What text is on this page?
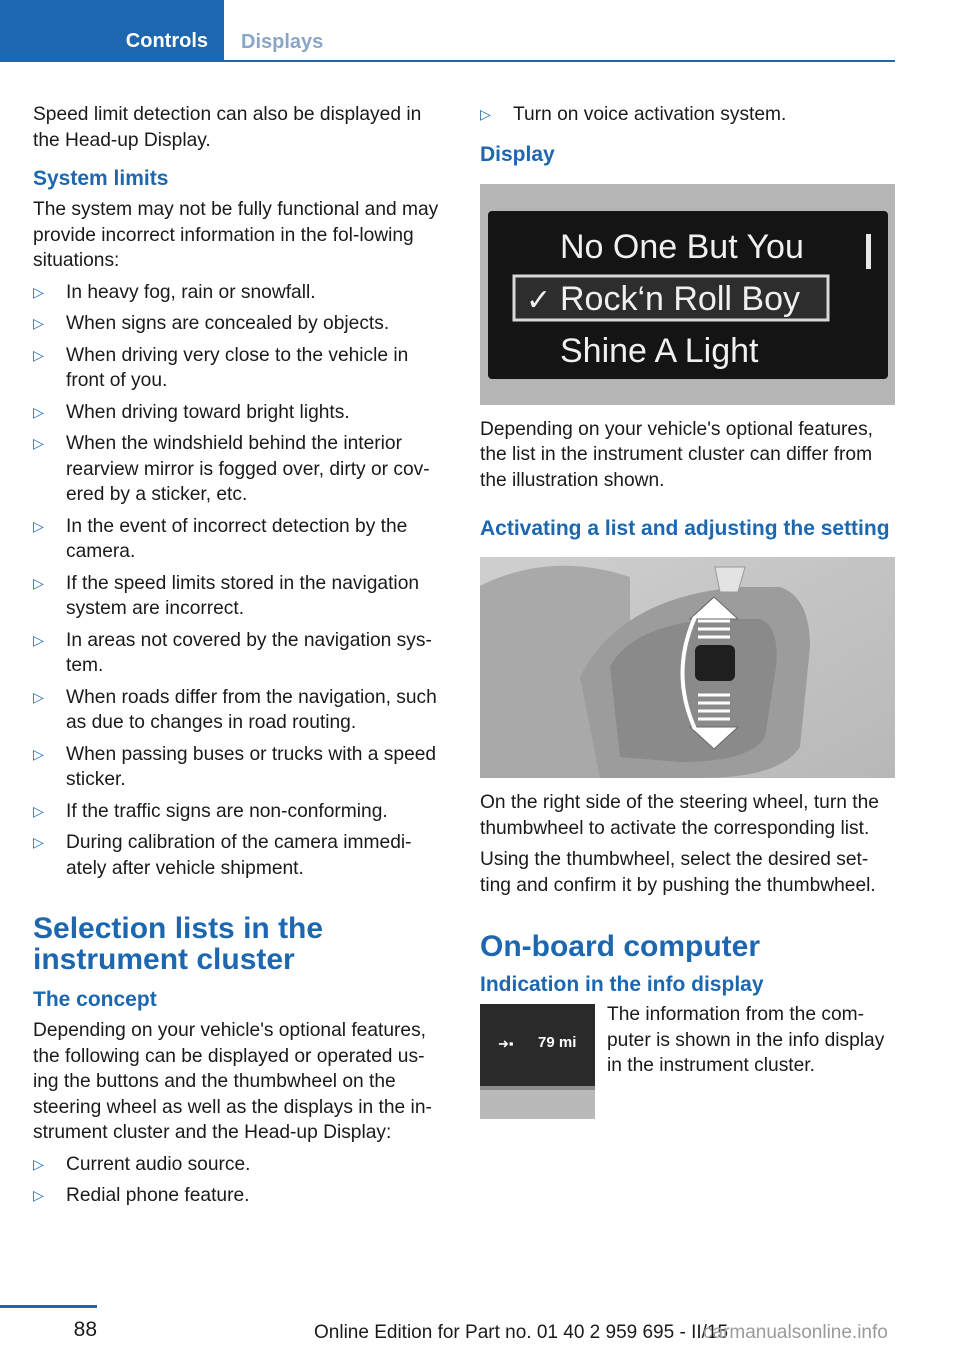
Controls	Displays

Speed limit detection can also be displayed in the Head-up Display.

System limits

The system may not be fully functional and may provide incorrect information in the fol‐lowing situations:

▷ In heavy fog, rain or snowfall.
▷ When signs are concealed by objects.
▷ When driving very close to the vehicle in front of you.
▷ When driving toward bright lights.
▷ When the windshield behind the interior rearview mirror is fogged over, dirty or cov‐ered by a sticker, etc.
▷ In the event of incorrect detection by the camera.
▷ If the speed limits stored in the navigation system are incorrect.
▷ In areas not covered by the navigation sys‐tem.
▷ When roads differ from the navigation, such as due to changes in road routing.
▷ When passing buses or trucks with a speed sticker.
▷ If the traffic signs are non-conforming.
▷ During calibration of the camera immedi‐ately after vehicle shipment.

Selection lists in the instrument cluster

The concept

Depending on your vehicle's optional features, the following can be displayed or operated us‐ing the buttons and the thumbwheel on the steering wheel as well as the displays in the in‐strument cluster and the Head-up Display:

▷ Current audio source.
▷ Redial phone feature.
▷ Turn on voice activation system.

Display

No One But You
✓ Rock‘n Roll Boy
Shine A Light

Depending on your vehicle's optional features, the list in the instrument cluster can differ from the illustration shown.

Activating a list and adjusting the setting

On the right side of the steering wheel, turn the thumbwheel to activate the corresponding list.

Using the thumbwheel, select the desired set‐ting and confirm it by pushing the thumbwheel.

On-board computer

Indication in the info display

➜▪ 79 mi

The information from the com‐puter is shown in the info display in the instrument cluster.

88	Online Edition for Part no. 01 40 2 959 695 - II/15
carmanualsonline.info
